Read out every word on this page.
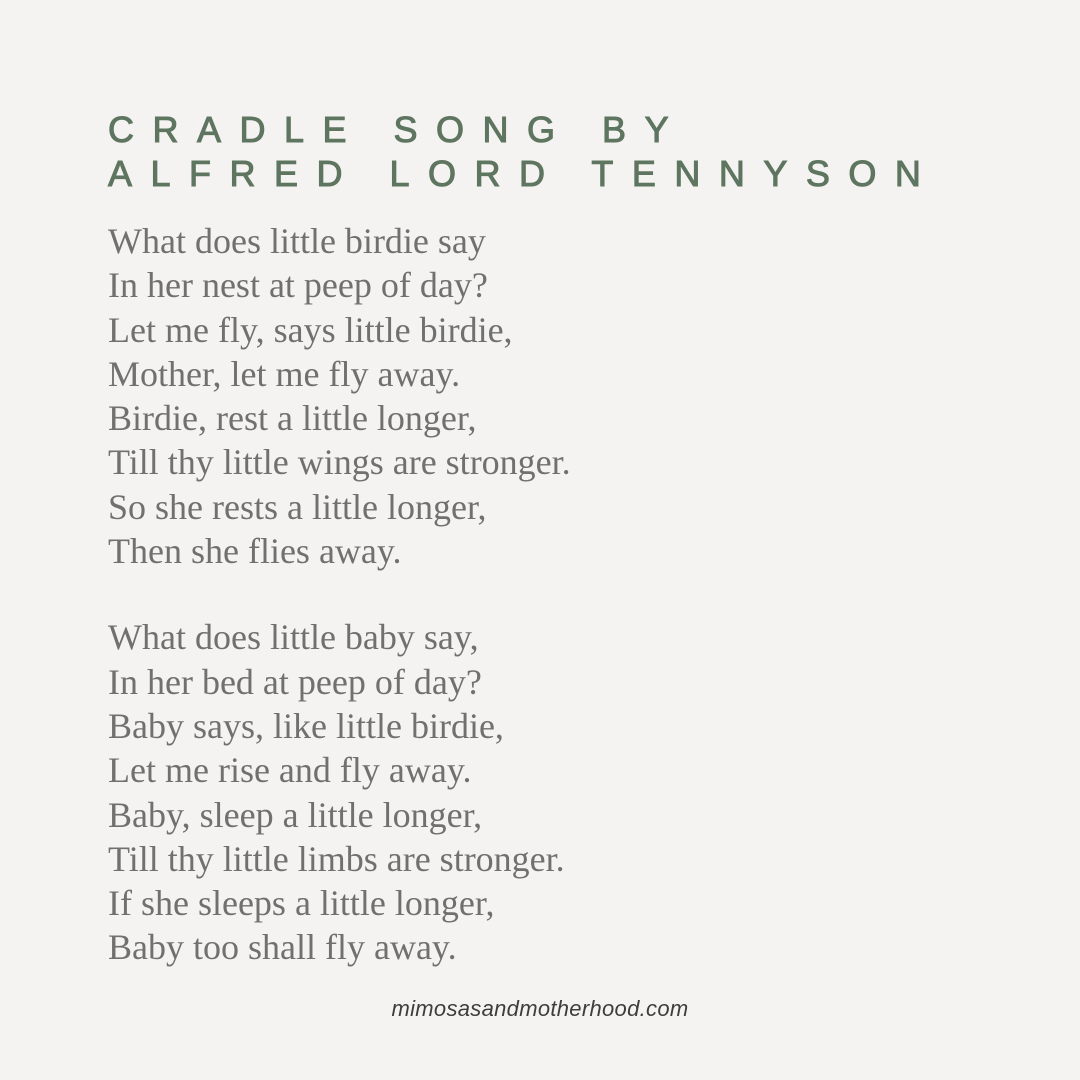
CRADLE SONG BY
ALFRED LORD TENNYSON

What does little birdie say

In her nest at peep of day?

Let me fly, says little birdie,

Mother, let me fly away.

Birdie, rest a little longer,

Till thy little wings are stronger.

So she rests a little longer,

Then she flies away.

What does little baby say,

In her bed at peep of day?

Baby says, like little birdie,

Let me rise and fly away.

Baby, sleep a little longer,

Till thy little limbs are stronger.

If she sleeps a little longer,

Baby too shall fly away.

mimosasandmotherhood.com
